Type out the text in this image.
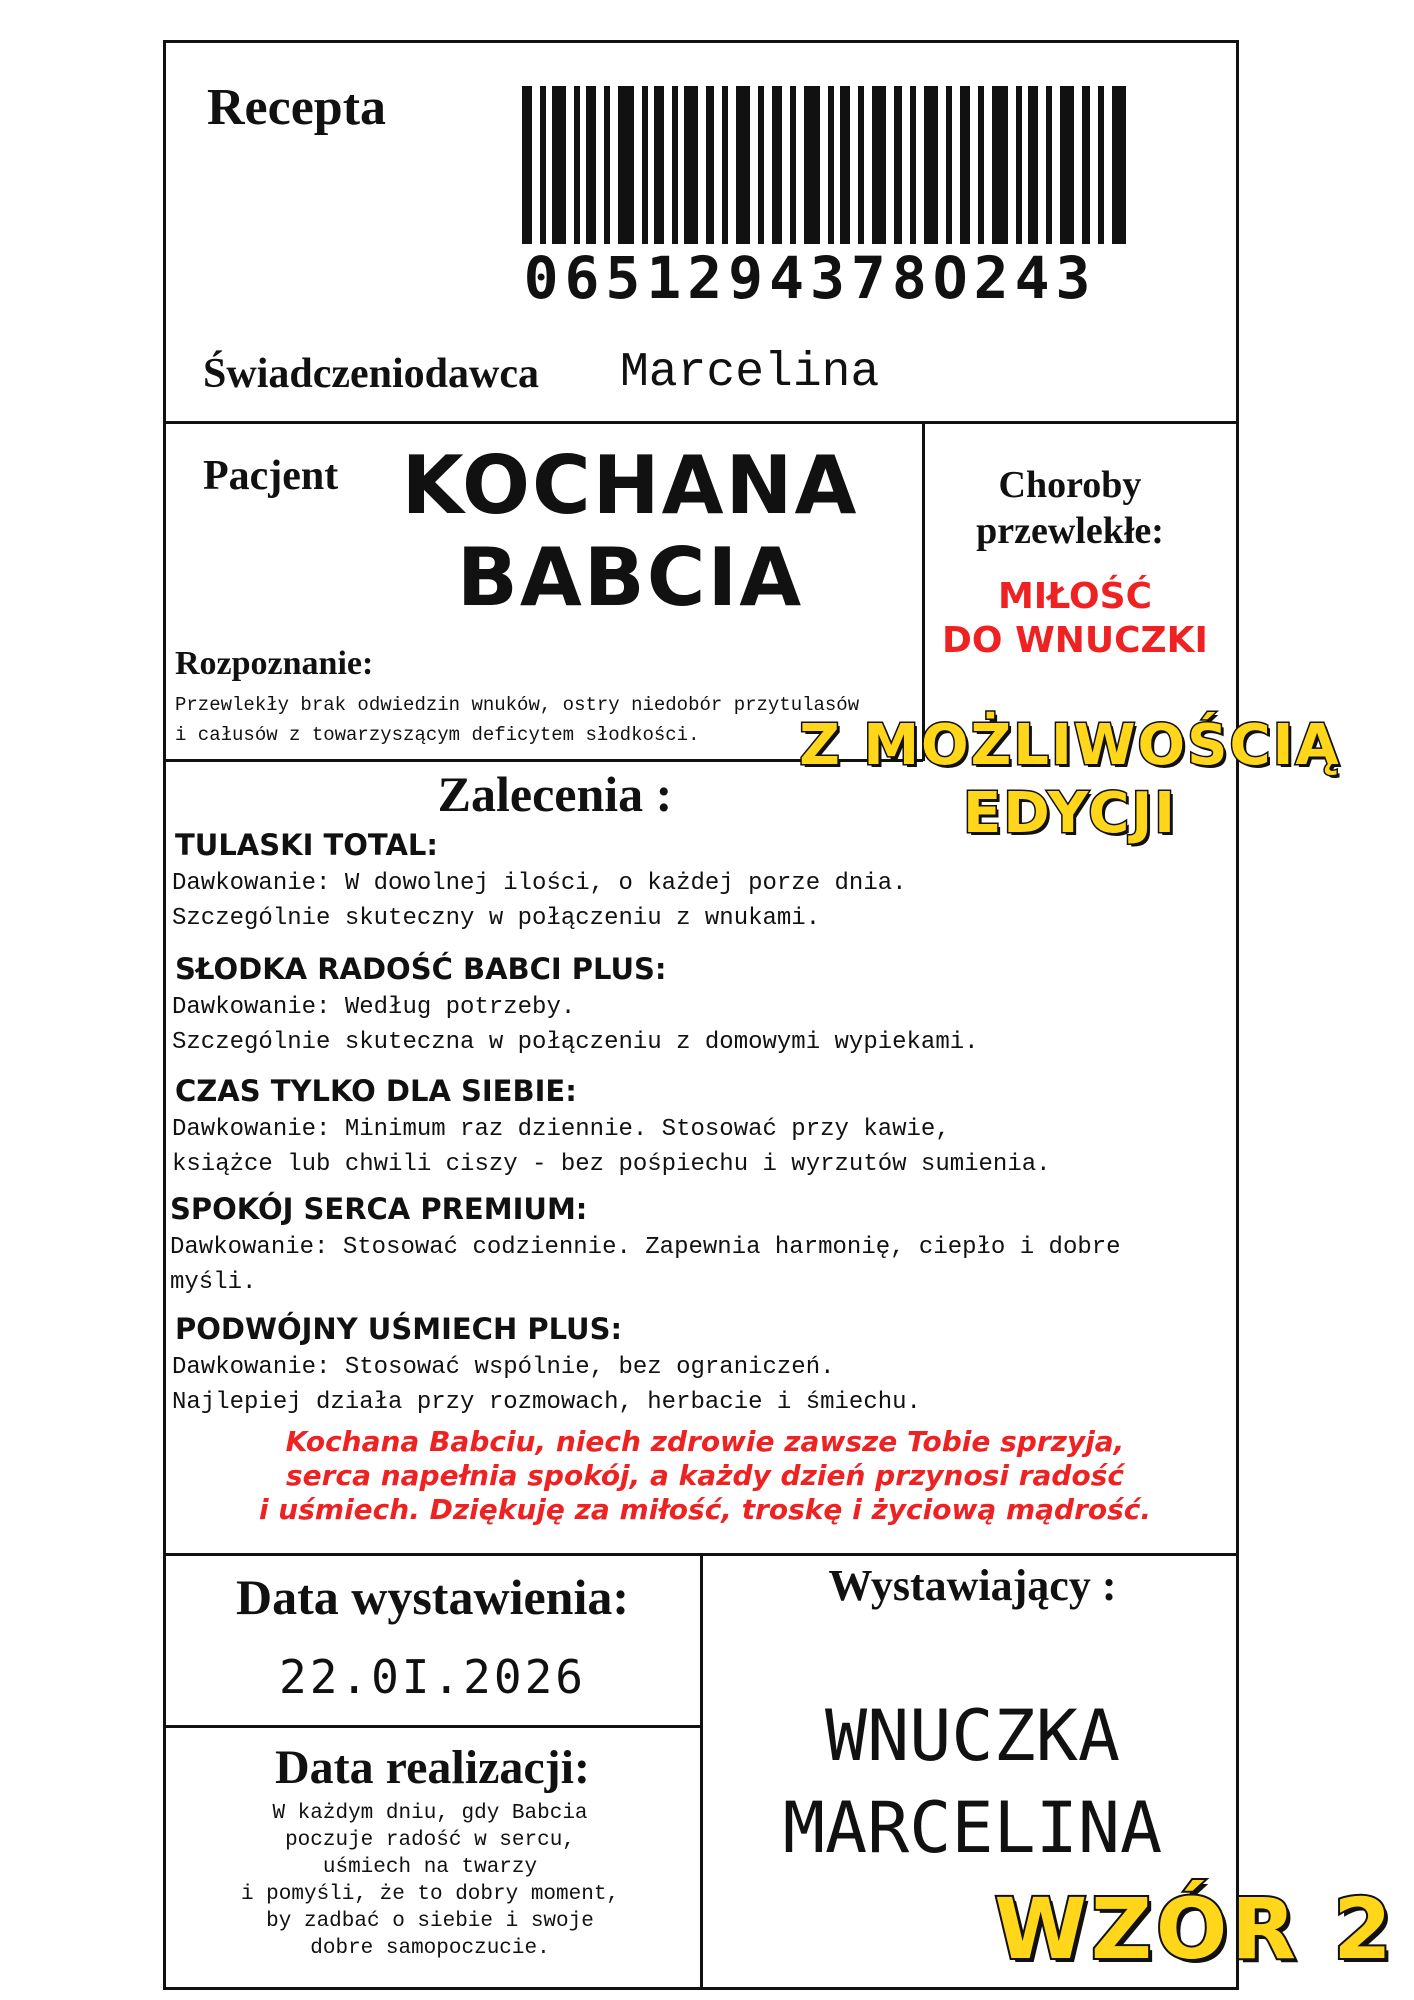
Recepta
0651294378O243
Świadczeniodawca Marcelina
Pacjent KOCHANA
BABCIA
Rozpoznanie:
Przewlekły brak odwiedzin wnuków, ostry niedobór przytulasów
i całusów z towarzyszącym deficytem słodkości.
Choroby
przewlekłe:
MIŁOŚĆ
DO WNUCZKI
Zalecenia :
TULASKI TOTAL:
Dawkowanie: W dowolnej ilości, o każdej porze dnia.
Szczególnie skuteczny w połączeniu z wnukami.
SŁODKA RADOŚĆ BABCI PLUS:
Dawkowanie: Według potrzeby.
Szczególnie skuteczna w połączeniu z domowymi wypiekami.
CZAS TYLKO DLA SIEBIE:
Dawkowanie: Minimum raz dziennie. Stosować przy kawie,
książce lub chwili ciszy - bez pośpiechu i wyrzutów sumienia.
SPOKÓJ SERCA PREMIUM:
Dawkowanie: Stosować codziennie. Zapewnia harmonię, ciepło i dobre
myśli.
PODWÓJNY UŚMIECH PLUS:
Dawkowanie: Stosować wspólnie, bez ograniczeń.
Najlepiej działa przy rozmowach, herbacie i śmiechu.
Kochana Babciu, niech zdrowie zawsze Tobie sprzyja,
serca napełnia spokój, a każdy dzień przynosi radość
i uśmiech. Dziękuję za miłość, troskę i życiową mądrość.
Z MOŻLIWOŚCIĄ
EDYCJI
Data wystawienia:
22.0I.2026
Data realizacji:
W każdym dniu, gdy Babcia
poczuje radość w sercu,
uśmiech na twarzy
i pomyśli, że to dobry moment,
by zadbać o siebie i swoje
dobre samopoczucie.
Wystawiający :
WNUCZKA
MARCELINA
WZÓR 2
